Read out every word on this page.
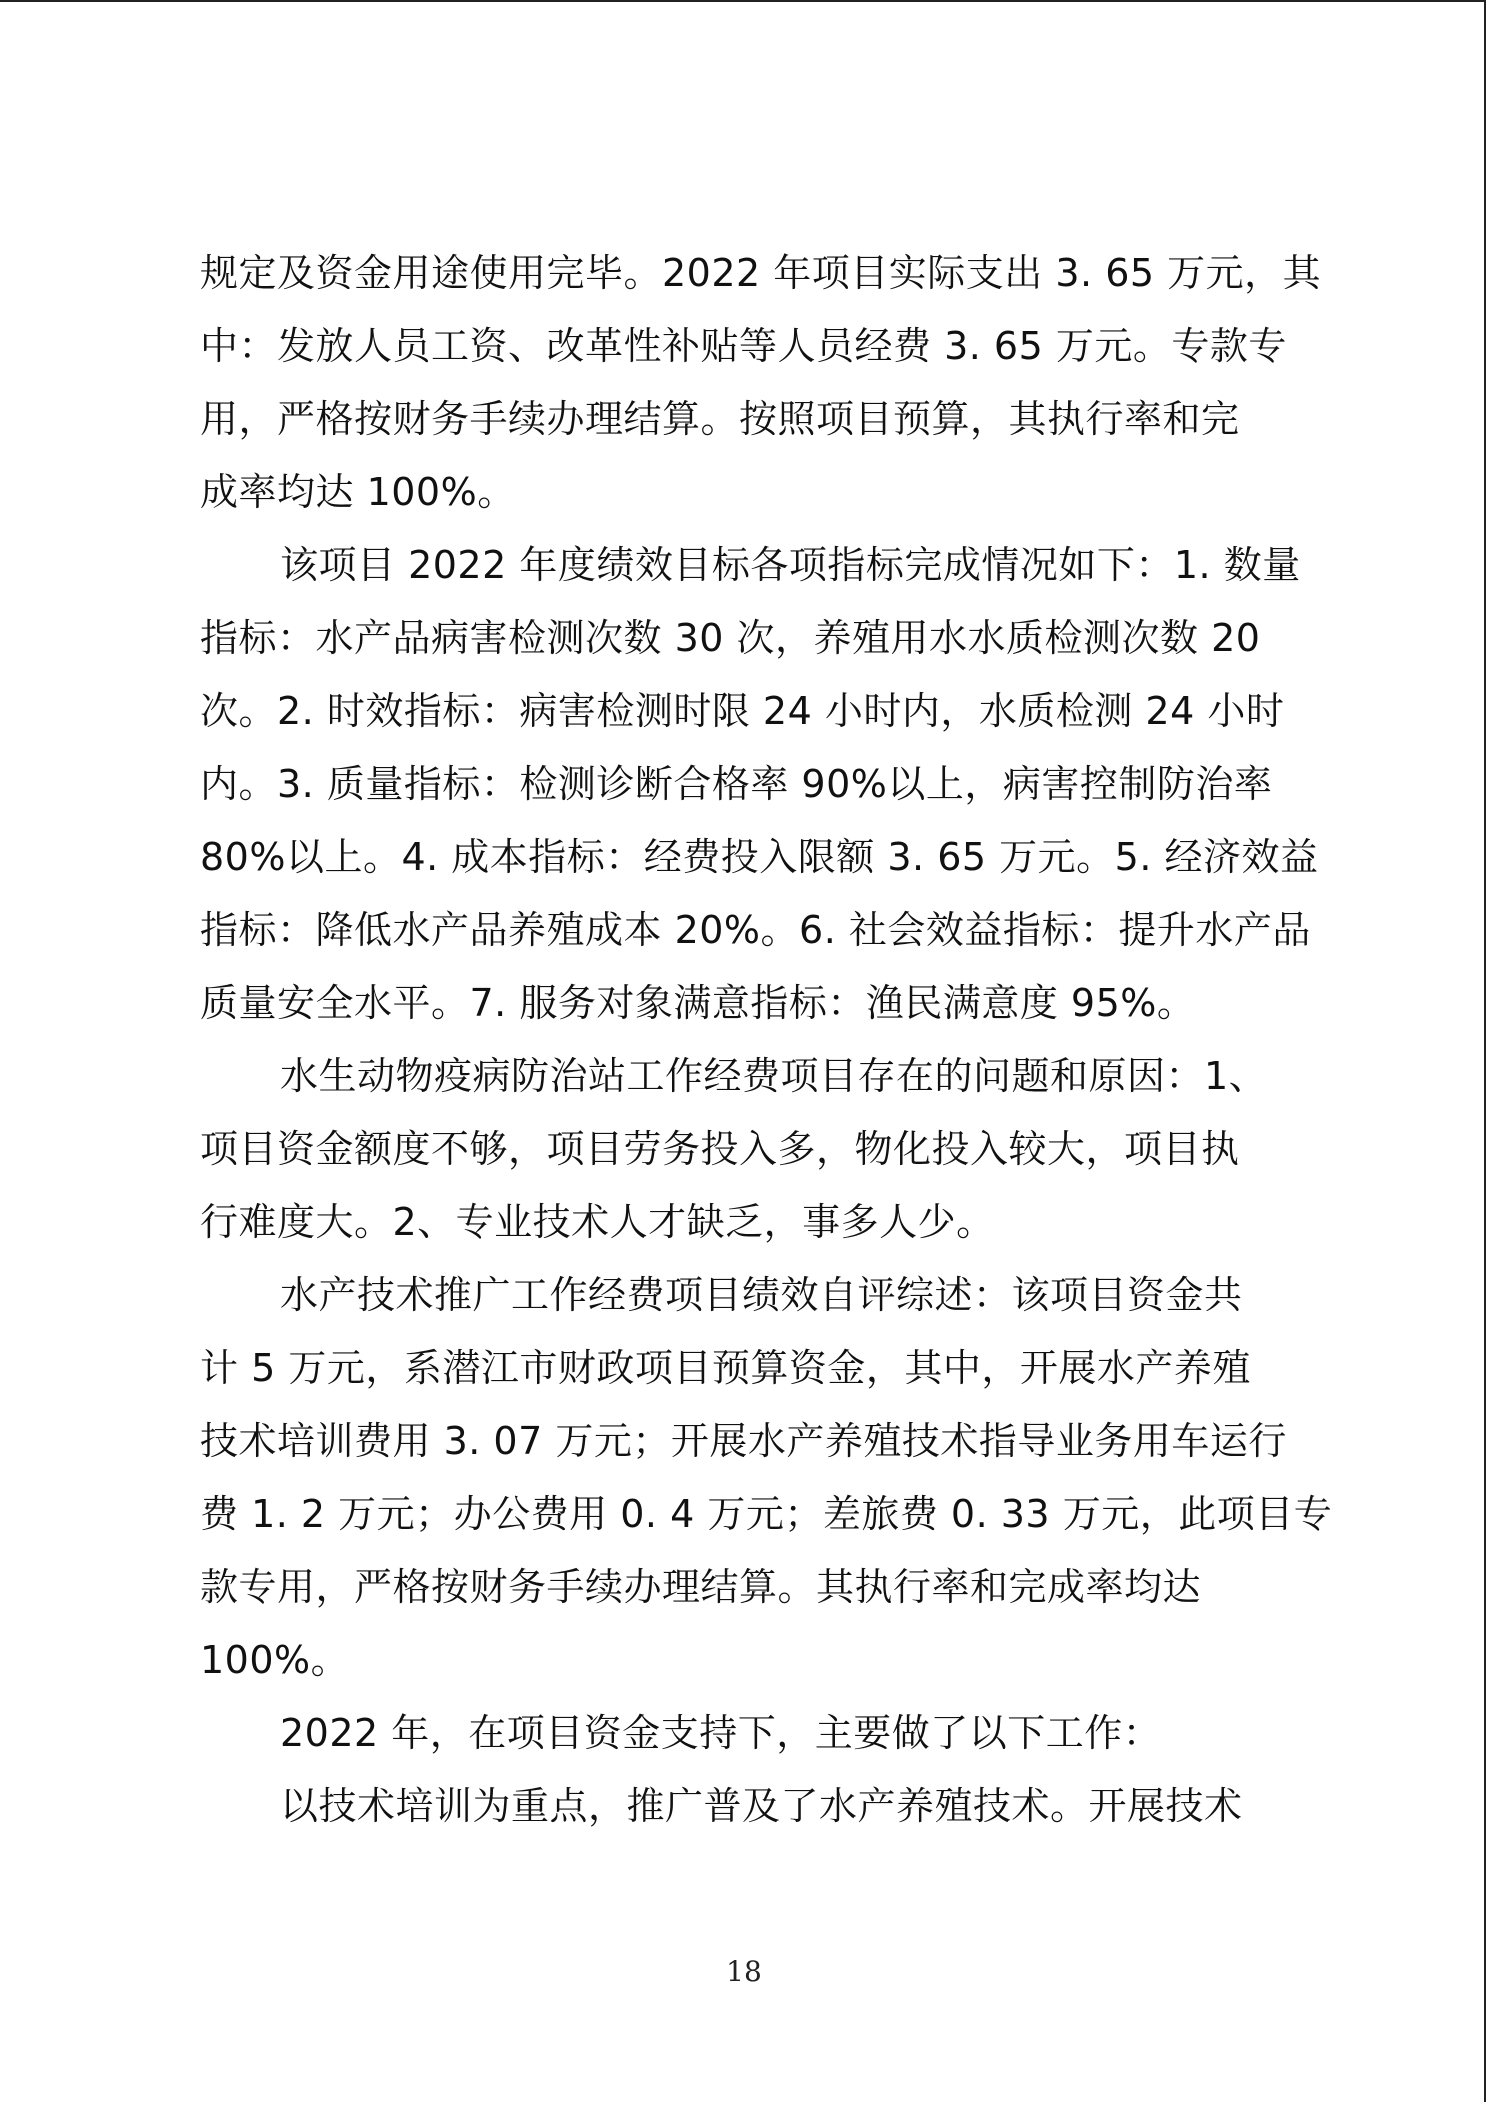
规定及资金用途使用完毕。2022 年项目实际支出 3. 65 万元，其
中：发放人员工资、改革性补贴等人员经费 3. 65 万元。专款专
用，严格按财务手续办理结算。按照项目预算，其执行率和完
成率均达 100%。
该项目 2022 年度绩效目标各项指标完成情况如下：1. 数量
指标：水产品病害检测次数 30 次，养殖用水水质检测次数 20
次。2. 时效指标：病害检测时限 24 小时内，水质检测 24 小时
内。3. 质量指标：检测诊断合格率 90%以上，病害控制防治率
80%以上。4. 成本指标：经费投入限额 3. 65 万元。5. 经济效益
指标：降低水产品养殖成本 20%。6. 社会效益指标：提升水产品
质量安全水平。7. 服务对象满意指标：渔民满意度 95%。
水生动物疫病防治站工作经费项目存在的问题和原因：1、
项目资金额度不够，项目劳务投入多，物化投入较大，项目执
行难度大。2、专业技术人才缺乏，事多人少。
水产技术推广工作经费项目绩效自评综述：该项目资金共
计 5 万元，系潜江市财政项目预算资金，其中，开展水产养殖
技术培训费用 3. 07 万元；开展水产养殖技术指导业务用车运行
费 1. 2 万元；办公费用 0. 4 万元；差旅费 0. 33 万元，此项目专
款专用，严格按财务手续办理结算。其执行率和完成率均达
100%。
2022 年，在项目资金支持下，主要做了以下工作：
以技术培训为重点，推广普及了水产养殖技术。开展技术
18
